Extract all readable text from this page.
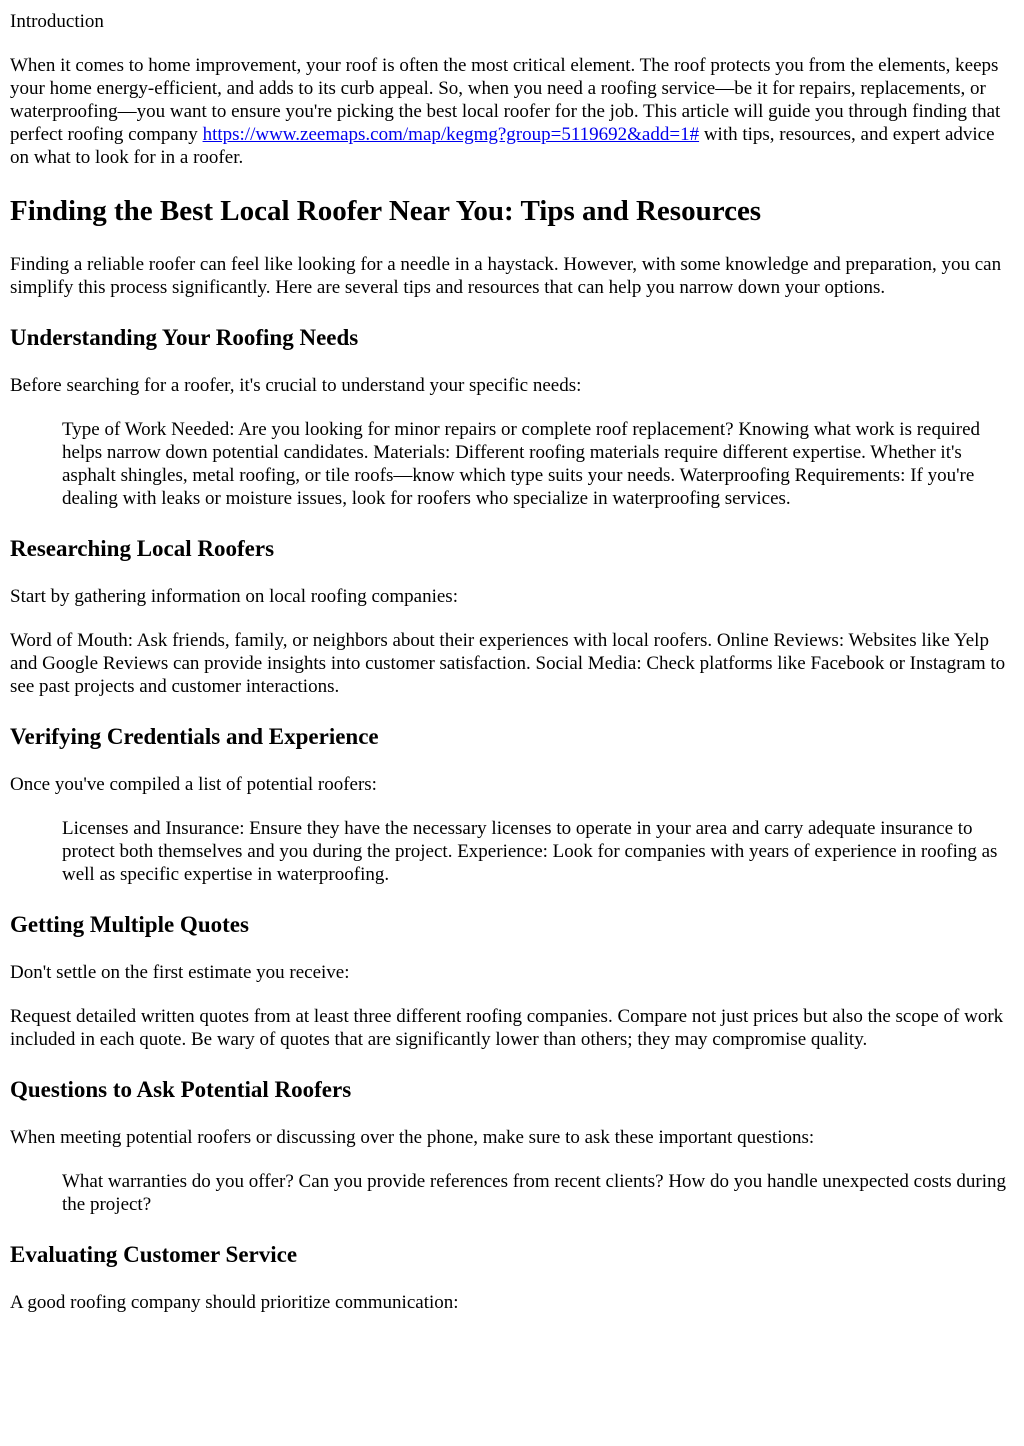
Introduction

When it comes to home improvement, your roof is often the most critical element. The roof protects you from the elements, keeps your home energy-efficient, and adds to its curb appeal. So, when you need a roofing service—be it for repairs, replacements, or waterproofing—you want to ensure you're picking the best local roofer for the job. This article will guide you through finding that perfect roofing company https://www.zeemaps.com/map/kegmg?group=5119692&add=1# with tips, resources, and expert advice on what to look for in a roofer.

Finding the Best Local Roofer Near You: Tips and Resources

Finding a reliable roofer can feel like looking for a needle in a haystack. However, with some knowledge and preparation, you can simplify this process significantly. Here are several tips and resources that can help you narrow down your options.

Understanding Your Roofing Needs

Before searching for a roofer, it's crucial to understand your specific needs:

Type of Work Needed: Are you looking for minor repairs or complete roof replacement? Knowing what work is required helps narrow down potential candidates. Materials: Different roofing materials require different expertise. Whether it's asphalt shingles, metal roofing, or tile roofs—know which type suits your needs. Waterproofing Requirements: If you're dealing with leaks or moisture issues, look for roofers who specialize in waterproofing services.
Researching Local Roofers

Start by gathering information on local roofing companies:

Word of Mouth: Ask friends, family, or neighbors about their experiences with local roofers. Online Reviews: Websites like Yelp and Google Reviews can provide insights into customer satisfaction. Social Media: Check platforms like Facebook or Instagram to see past projects and customer interactions.

Verifying Credentials and Experience

Once you've compiled a list of potential roofers:

Licenses and Insurance: Ensure they have the necessary licenses to operate in your area and carry adequate insurance to protect both themselves and you during the project. Experience: Look for companies with years of experience in roofing as well as specific expertise in waterproofing.
Getting Multiple Quotes

Don't settle on the first estimate you receive:

Request detailed written quotes from at least three different roofing companies. Compare not just prices but also the scope of work included in each quote. Be wary of quotes that are significantly lower than others; they may compromise quality.

Questions to Ask Potential Roofers

When meeting potential roofers or discussing over the phone, make sure to ask these important questions:

What warranties do you offer? Can you provide references from recent clients? How do you handle unexpected costs during the project?
Evaluating Customer Service

A good roofing company should prioritize communication:
